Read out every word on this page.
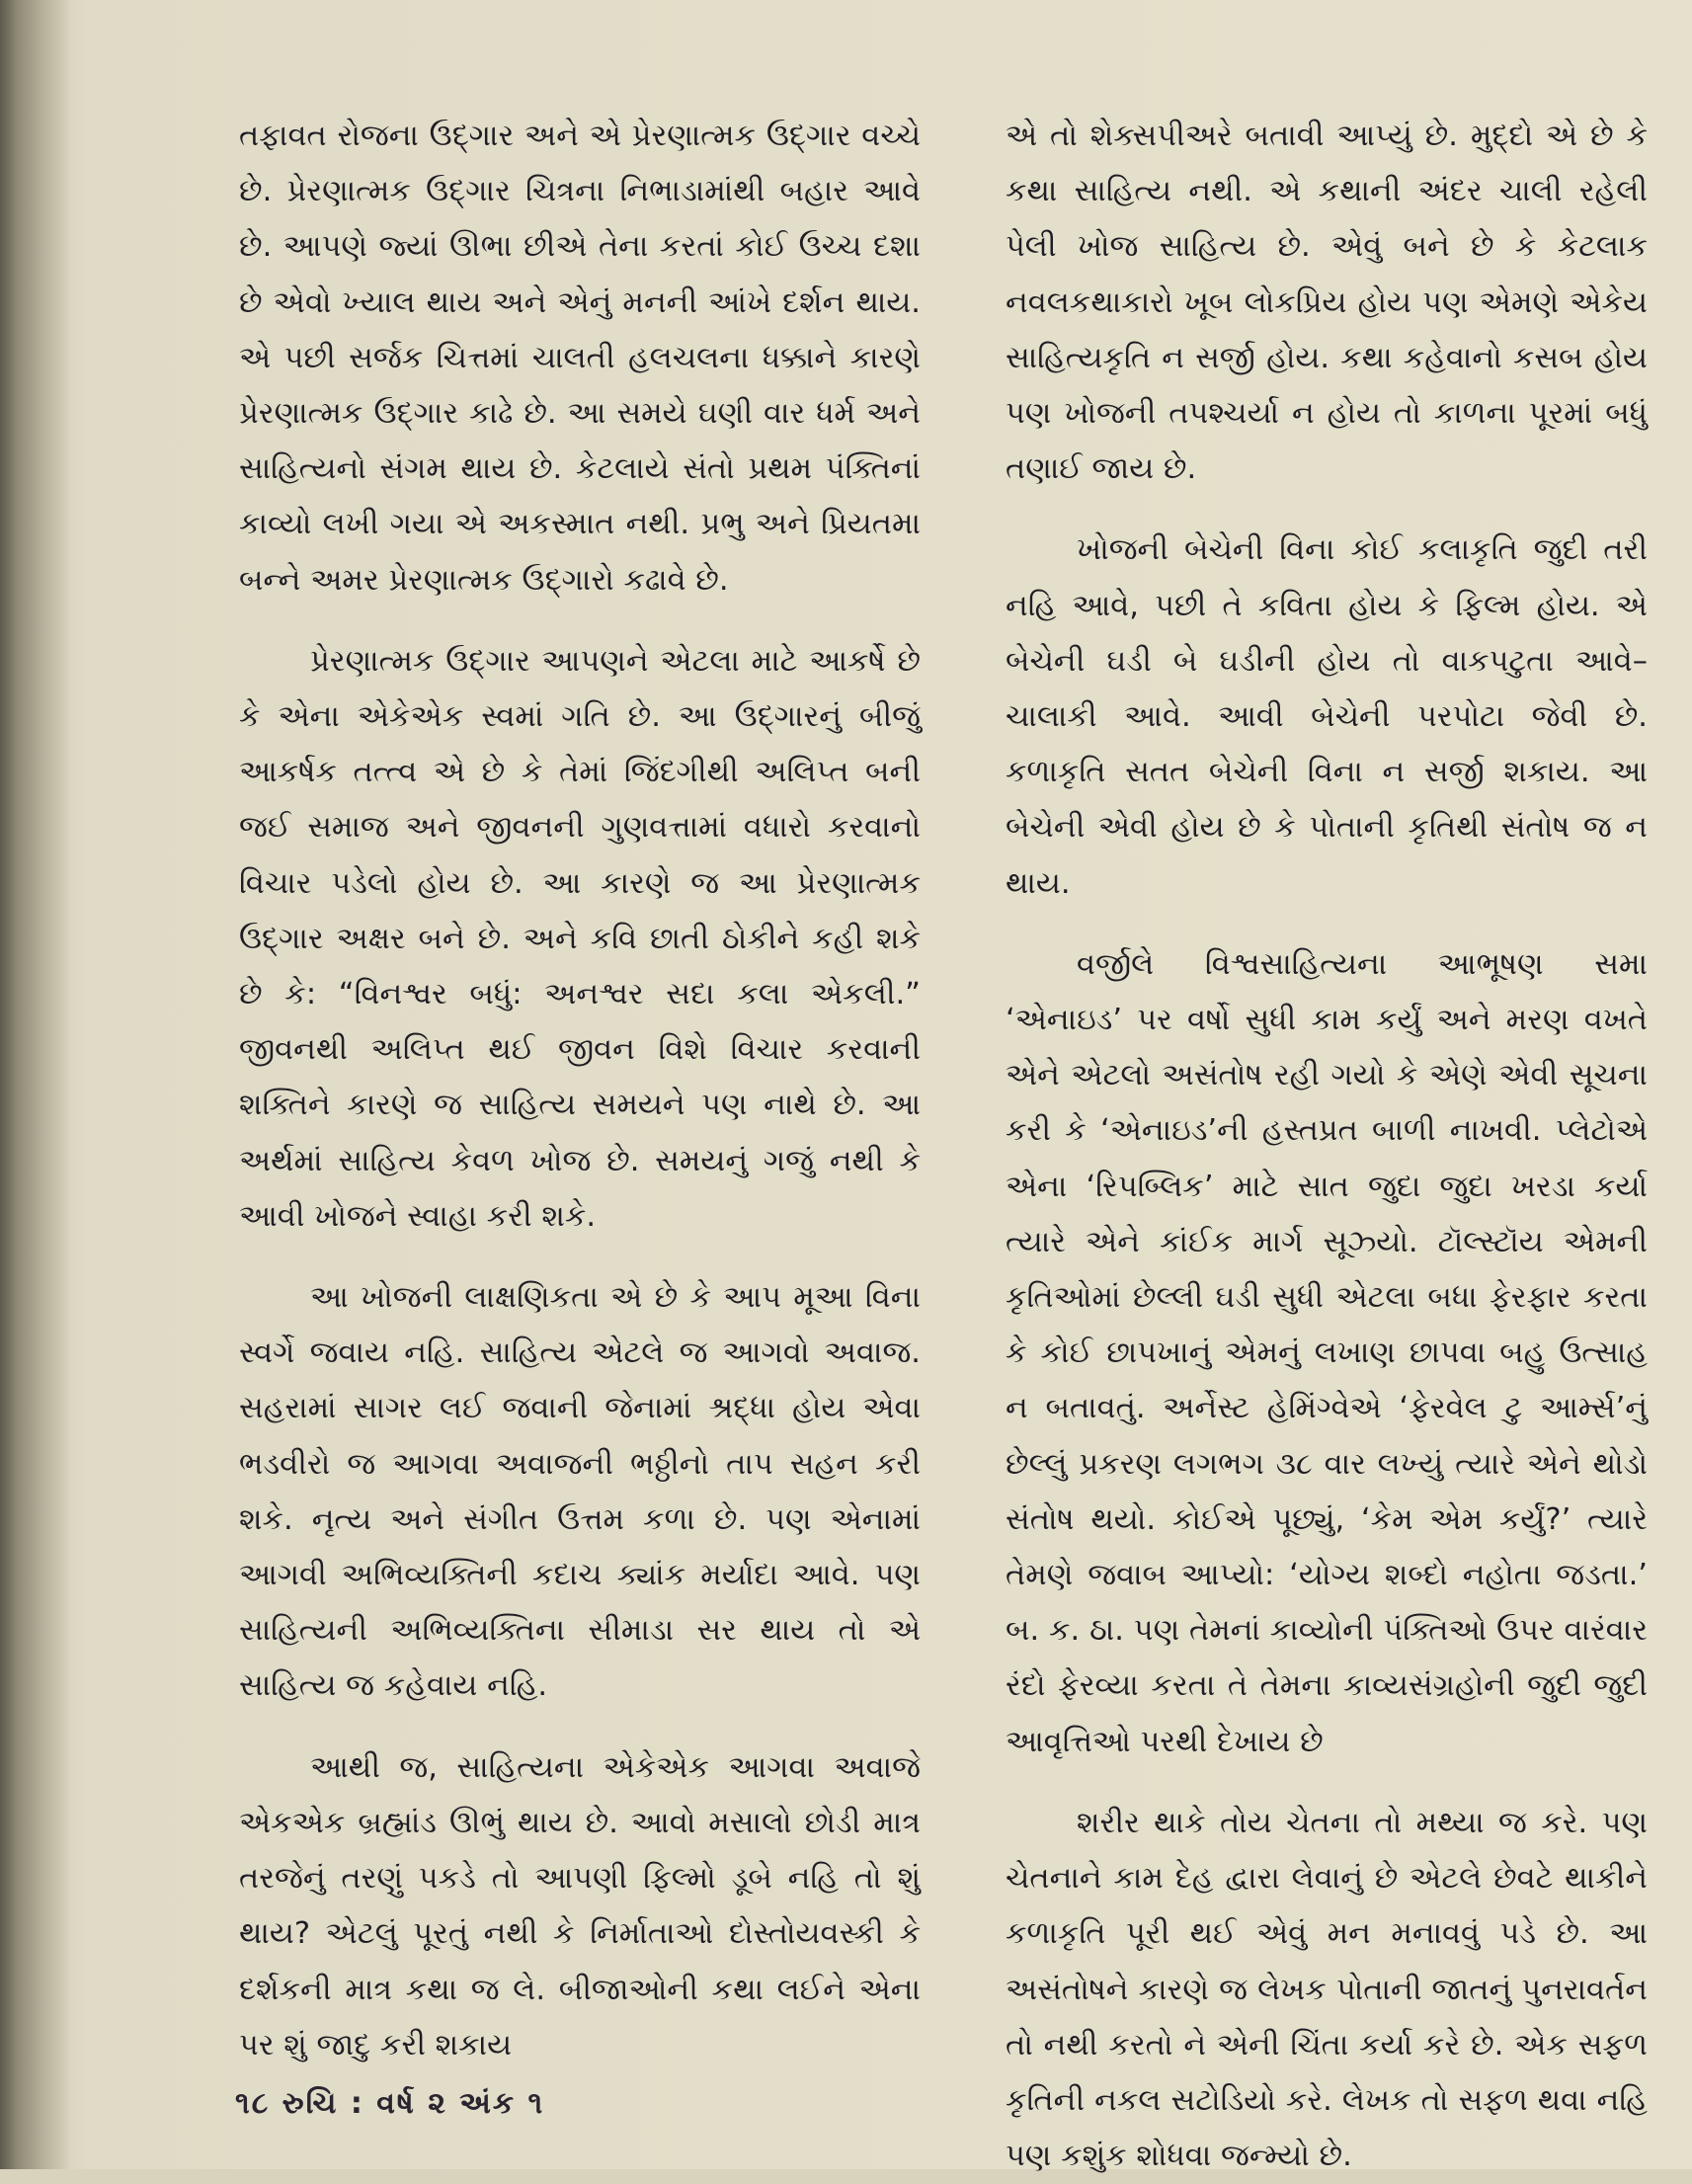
તફાવત રોજના ઉદ્‌ગાર અને એ પ્રેરણાત્મક ઉદ્‌ગાર વચ્ચે છે. પ્રેરણાત્મક ઉદ્‌ગાર ચિત્રના નિભાડામાંથી બહાર આવે છે. આપણે જ્યાં ઊભા છીએ તેના કરતાં કોઈ ઉચ્ચ દશા છે એવો ખ્યાલ થાય અને એનું મનની આંખે દર્શન થાય. એ પછી સર્જક ચિત્તમાં ચાલતી હલચલના ધક્કાને કારણે પ્રેરણાત્મક ઉદ્‌ગાર કાઢે છે. આ સમયે ઘણી વાર ધર્મ અને સાહિત્યનો સંગમ થાય છે. કેટલાયે સંતો પ્રથમ પંક્તિનાં કાવ્યો લખી ગયા એ અકસ્માત નથી. પ્રભુ અને પ્રિયતમા બન્ને અમર પ્રેરણાત્મક ઉદ્‌ગારો કઢાવે છે.

પ્રેરણાત્મક ઉદ્‌ગાર આપણને એટલા માટે આકર્ષે છે કે એના એકેએક સ્વમાં ગતિ છે. આ ઉદ્‌ગારનું બીજું આકર્ષક તત્ત્વ એ છે કે તેમાં જિંદગીથી અલિપ્ત બની જઈ સમાજ અને જીવનની ગુણવત્તામાં વધારો કરવાનો વિચાર પડેલો હોય છે. આ કારણે જ આ પ્રેરણાત્મક ઉદ્‌ગાર અક્ષર બને છે. અને કવિ છાતી ઠોકીને કહી શકે છે કે: “વિનશ્વર બધું: અનશ્વર સદા કલા એકલી.” જીવનથી અલિપ્ત થઈ જીવન વિશે વિચાર કરવાની શક્તિને કારણે જ સાહિત્ય સમયને પણ નાથે છે. આ અર્થમાં સાહિત્ય કેવળ ખોજ છે. સમયનું ગજું નથી કે આવી ખોજને સ્વાહા કરી શકે.

આ ખોજની લાક્ષણિકતા એ છે કે આપ મૂઆ વિના સ્વર્ગે જવાય નહિ. સાહિત્ય એટલે જ આગવો અવાજ. સહરામાં સાગર લઈ જવાની જેનામાં શ્રદ્ધા હોય એવા ભડવીરો જ આગવા અવાજની ભઠ્ઠીનો તાપ સહન કરી શકે. નૃત્ય અને સંગીત ઉત્તમ કળા છે. પણ એનામાં આગવી અભિવ્યક્તિની કદાચ ક્યાંક મર્યાદા આવે. પણ સાહિત્યની અભિવ્યક્તિના સીમાડા સર થાય તો એ સાહિત્ય જ કહેવાય નહિ.

આથી જ, સાહિત્યના એકેએક આગવા અવાજે એકએક બ્રહ્માંડ ઊભું થાય છે. આવો મસાલો છોડી માત્ર તરજેનું તરણું પકડે તો આપણી ફિલ્મો ડૂબે નહિ તો શું થાય? એટલું પૂરતું નથી કે નિર્માતાઓ દોસ્તોયવસ્કી કે દર્શકની માત્ર કથા જ લે. બીજાઓની કથા લઈને એના પર શું જાદુ કરી શકાય

એ તો શેક્સપીઅરે બતાવી આપ્યું છે. મુદ્દો એ છે કે કથા સાહિત્ય નથી. એ કથાની અંદર ચાલી રહેલી પેલી ખોજ સાહિત્ય છે. એવું બને છે કે કેટલાક નવલકથાકારો ખૂબ લોકપ્રિય હોય પણ એમણે એકેય સાહિત્યકૃતિ ન સર્જી હોય. કથા કહેવાનો કસબ હોય પણ ખોજની તપશ્ચર્યા ન હોય તો કાળના પૂરમાં બધું તણાઈ જાય છે.

ખોજની બેચેની વિના કોઈ કલાકૃતિ જુદી તરી નહિ આવે, પછી તે કવિતા હોય કે ફિલ્મ હોય. એ બેચેની ઘડી બે ઘડીની હોય તો વાકપટુતા આવે–ચાલાકી આવે. આવી બેચેની પરપોટા જેવી છે. કળાકૃતિ સતત બેચેની વિના ન સર્જી શકાય. આ બેચેની એવી હોય છે કે પોતાની કૃતિથી સંતોષ જ ન થાય.

વર્જીલે વિશ્વસાહિત્યના આભૂષણ સમા ‘એનાઇડ’ પર વર્ષો સુધી કામ કર્યું અને મરણ વખતે એને એટલો અસંતોષ રહી ગયો કે એણે એવી સૂચના કરી કે ‘એનાઇડ’ની હસ્તપ્રત બાળી નાખવી. પ્લેટોએ એના ‘રિપબ્લિક’ માટે સાત જુદા જુદા ખરડા કર્યા ત્યારે એને કાંઈક માર્ગ સૂઝ્યો. ટૉલ્સ્ટૉય એમની કૃતિઓમાં છેલ્લી ઘડી સુધી એટલા બધા ફેરફાર કરતા કે કોઈ છાપખાનું એમનું લખાણ છાપવા બહુ ઉત્સાહ ન બતાવતું. અર્નેસ્ટ હેમિંગ્વેએ ‘ફેરવેલ ટુ આર્મ્સ’નું છેલ્લું પ્રકરણ લગભગ ૩૮ વાર લખ્યું ત્યારે એને થોડો સંતોષ થયો. કોઈએ પૂછ્યું, ‘કેમ એમ કર્યું?’ ત્યારે તેમણે જવાબ આપ્યો: ‘યોગ્ય શબ્દો નહોતા જડતા.’ બ. ક. ઠા. પણ તેમનાં કાવ્યોની પંક્તિઓ ઉપર વારંવાર રંદો ફેરવ્યા કરતા તે તેમના કાવ્યસંગ્રહોની જુદી જુદી આવૃત્તિઓ પરથી દેખાય છે

શરીર થાકે તોય ચેતના તો મથ્યા જ કરે. પણ ચેતનાને કામ દેહ દ્વારા લેવાનું છે એટલે છેવટે થાકીને કળાકૃતિ પૂરી થઈ એવું મન મનાવવું પડે છે. આ અસંતોષને કારણે જ લેખક પોતાની જાતનું પુનરાવર્તન તો નથી કરતો ને એની ચિંતા કર્યા કરે છે. એક સફળ કૃતિની નકલ સટોડિયો કરે. લેખક તો સફળ થવા નહિ પણ કશુંક શોધવા જન્મ્યો છે.

૧૮ રુચિ : વર્ષ ૨ અંક ૧
